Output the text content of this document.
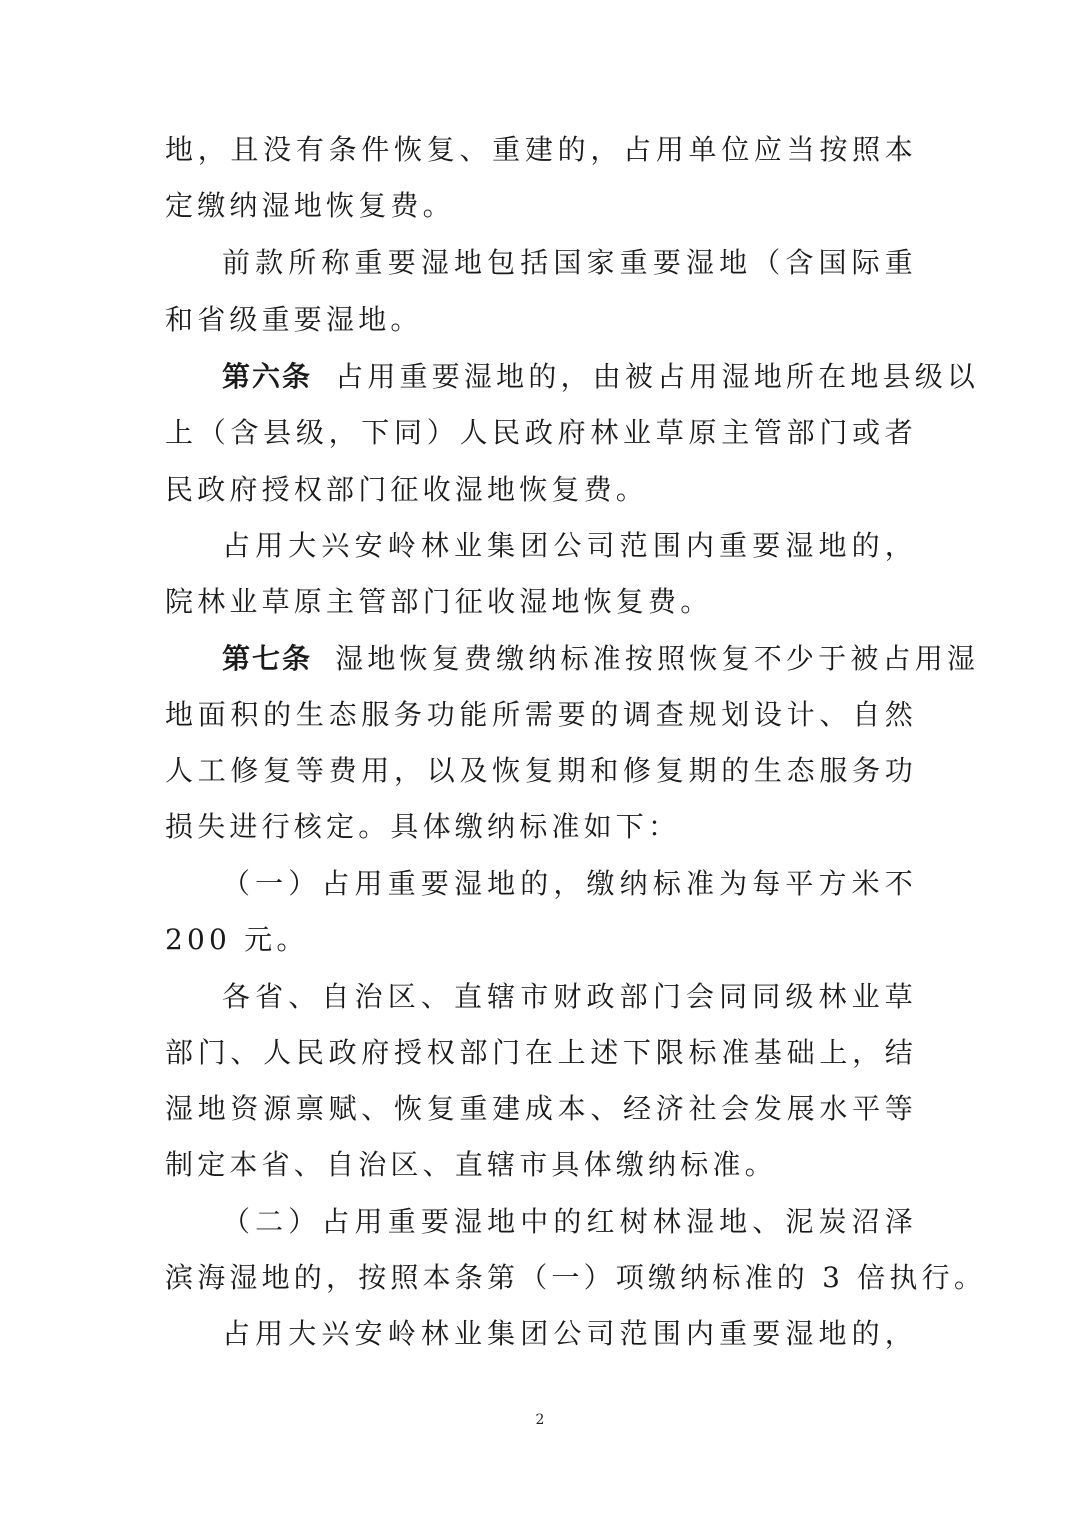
地，且没有条件恢复、重建的，占用单位应当按照本
定缴纳湿地恢复费。
前款所称重要湿地包括国家重要湿地（含国际重
和省级重要湿地。
第六条 占用重要湿地的，由被占用湿地所在地县级以
上（含县级，下同）人民政府林业草原主管部门或者
民政府授权部门征收湿地恢复费。
占用大兴安岭林业集团公司范围内重要湿地的，
院林业草原主管部门征收湿地恢复费。
第七条 湿地恢复费缴纳标准按照恢复不少于被占用湿
地面积的生态服务功能所需要的调查规划设计、自然
人工修复等费用，以及恢复期和修复期的生态服务功
损失进行核定。具体缴纳标准如下：
（一）占用重要湿地的，缴纳标准为每平方米不
200 元。
各省、自治区、直辖市财政部门会同同级林业草
部门、人民政府授权部门在上述下限标准基础上，结
湿地资源禀赋、恢复重建成本、经济社会发展水平等
制定本省、自治区、直辖市具体缴纳标准。
（二）占用重要湿地中的红树林湿地、泥炭沼泽
滨海湿地的，按照本条第（一）项缴纳标准的 3 倍执行。
占用大兴安岭林业集团公司范围内重要湿地的，
2
